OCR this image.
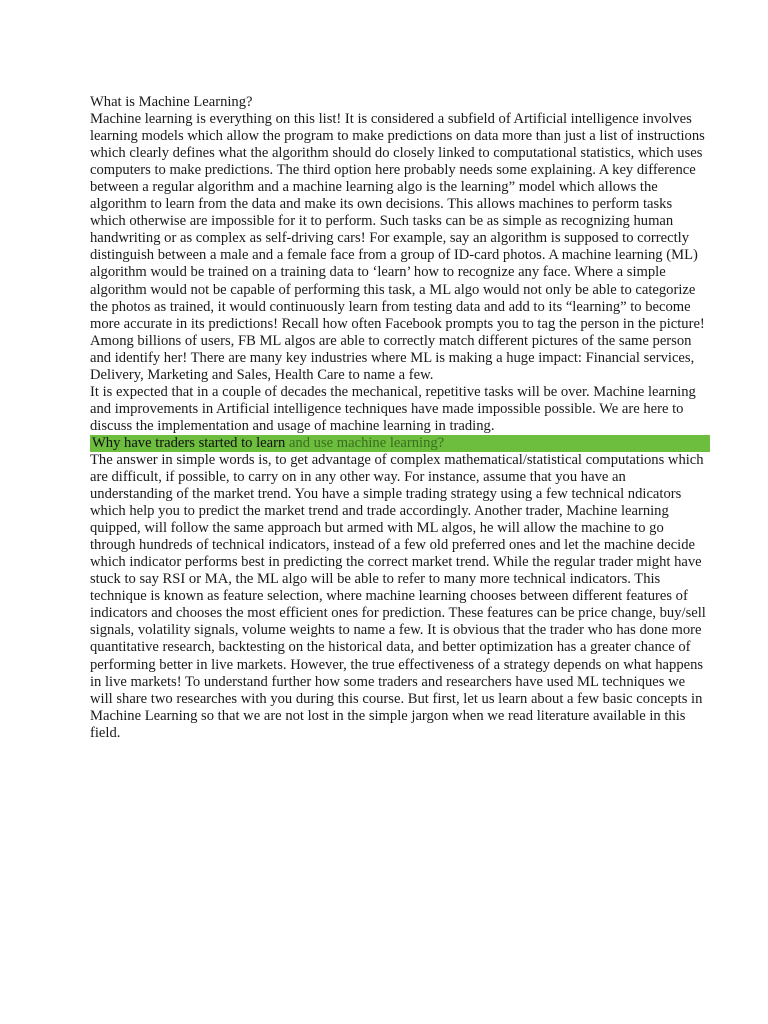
What is Machine Learning?

Machine learning is everything on this list! It is considered a subfield of Artificial intelligence involves learning models which allow the program to make predictions on data more than just a list of instructions which clearly defines what the algorithm should do closely linked to computational statistics, which uses computers to make predictions. The third option here probably needs some explaining. A key difference between a regular algorithm and a machine learning algo is the learning” model which allows the algorithm to learn from the data and make its own decisions. This allows machines to perform tasks which otherwise are impossible for it to perform. Such tasks can be as simple as recognizing human handwriting or as complex as self-driving cars! For example, say an algorithm is supposed to correctly distinguish between a male and a female face from a group of ID-card photos. A machine learning (ML) algorithm would be trained on a training data to ‘learn’ how to recognize any face. Where a simple algorithm would not be capable of performing this task, a ML algo would not only be able to categorize the photos as trained, it would continuously learn from testing data and add to its “learning” to become more accurate in its predictions! Recall how often Facebook prompts you to tag the person in the picture! Among billions of users, FB ML algos are able to correctly match different pictures of the same person and identify her! There are many key industries where ML is making a huge impact: Financial services, Delivery, Marketing and Sales, Health Care to name a few.

It is expected that in a couple of decades the mechanical, repetitive tasks will be over. Machine learning and improvements in Artificial intelligence techniques have made impossible possible. We are here to discuss the implementation and usage of machine learning in trading.

Why have traders started to learn and use machine learning?

The answer in simple words is, to get advantage of complex mathematical/statistical computations which are difficult, if possible, to carry on in any other way. For instance, assume that you have an understanding of the market trend. You have a simple trading strategy using a few technical ndicators which help you to predict the market trend and trade accordingly. Another trader, Machine learning quipped, will follow the same approach but armed with ML algos, he will allow the machine to go through hundreds of technical indicators, instead of a few old preferred ones and let the machine decide which indicator performs best in predicting the correct market trend. While the regular trader might have stuck to say RSI or MA, the ML algo will be able to refer to many more technical indicators. This technique is known as feature selection, where machine learning chooses between different features of indicators and chooses the most efficient ones for prediction. These features can be price change, buy/sell signals, volatility signals, volume weights to name a few. It is obvious that the trader who has done more quantitative research, backtesting on the historical data, and better optimization has a greater chance of performing better in live markets. However, the true effectiveness of a strategy depends on what happens in live markets! To understand further how some traders and researchers have used ML techniques we will share two researches with you during this course. But first, let us learn about a few basic concepts in Machine Learning so that we are not lost in the simple jargon when we read literature available in this field.
